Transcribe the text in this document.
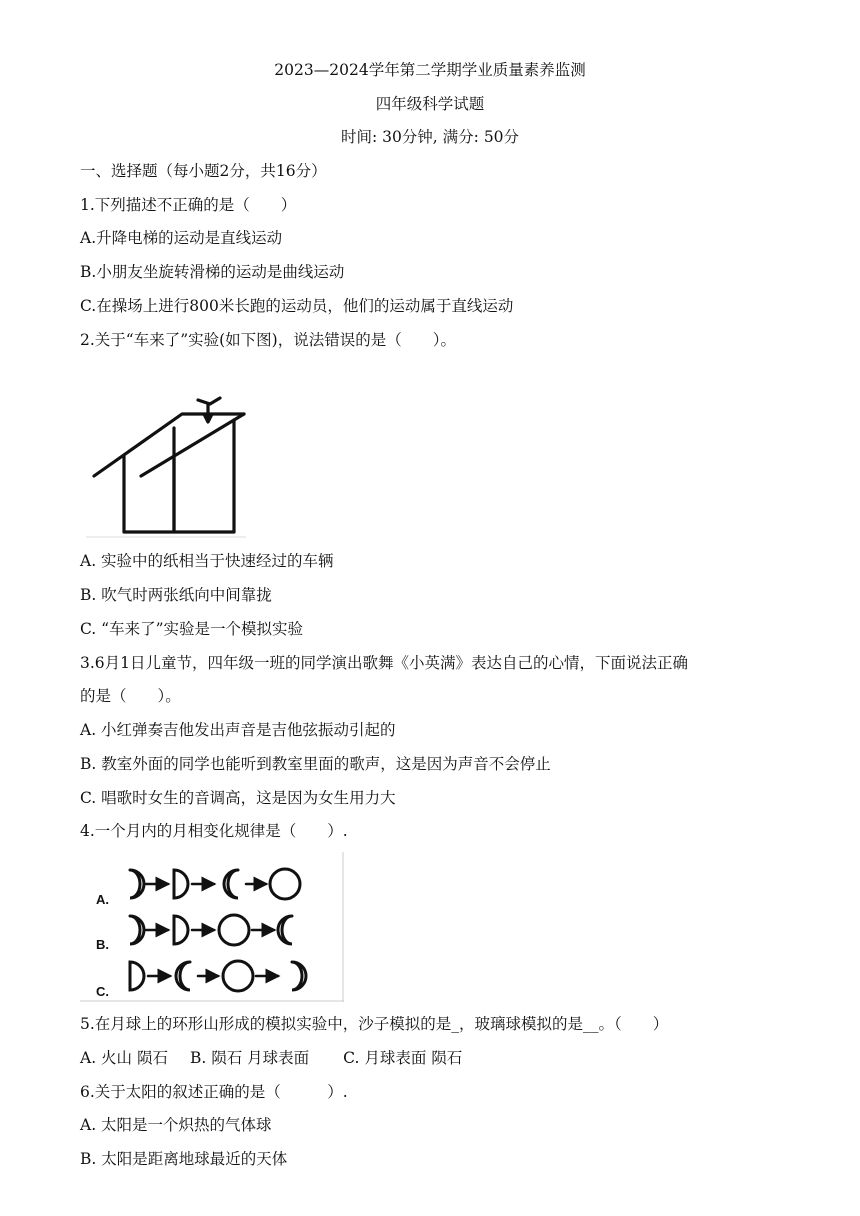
2023—2024学年第二学期学业质量素养监测
四年级科学试题
时间: 30分钟, 满分: 50分
一、选择题（每小题2分，共16分）
1.下列描述不正确的是（　　）
A.升降电梯的运动是直线运动
B.小朋友坐旋转滑梯的运动是曲线运动
C.在操场上进行800米长跑的运动员，他们的运动属于直线运动
2.关于“车来了”实验(如下图)，说法错误的是（　　）。
A. 实验中的纸相当于快速经过的车辆
B. 吹气时两张纸向中间靠拢
C. “车来了”实验是一个模拟实验
3.6月1日儿童节，四年级一班的同学演出歌舞《小英满》表达自己的心情，下面说法正确
的是（　　）。
A. 小红弹奏吉他发出声音是吉他弦振动引起的
B. 教室外面的同学也能听到教室里面的歌声，这是因为声音不会停止
C. 唱歌时女生的音调高，这是因为女生用力大
4.一个月内的月相变化规律是（　　）.
A.
B.
C.
5.在月球上的环形山形成的模拟实验中，沙子模拟的是_，玻璃球模拟的是__。（　　）
A. 火山 陨石 B. 陨石 月球表面 C. 月球表面 陨石
6.关于太阳的叙述正确的是（　　　）.
A. 太阳是一个炽热的气体球
B. 太阳是距离地球最近的天体
